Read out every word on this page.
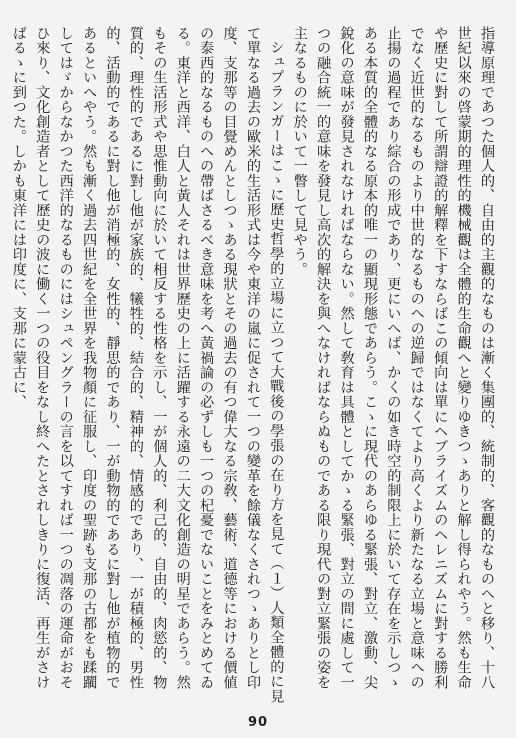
指導原理であつた個人的、自由的主觀的なものは漸く集團的、統制的、客觀的なものへと移り、十八世紀以來の啓蒙期的理性的機械觀は全體的生命觀へと變りゆきつゝありと解し得られやう。然も生命や歷史に對して所謂辯證的解釋を下すならばこの傾向は單にヘブライズムのヘレニズムに對する勝利でなく近世的なるものより中世的なるものへの逆歸ではなくてより高くより新たなる立場と意味への止揚の過程であり綜合の形成であり、更にいへば、かくの如き時空的制限上に於いて存在を示しつゝある本質的全體的なる原本的唯一の顯現形態であらう。こゝに現代のあらゆる緊張、對立、激動、尖銳化の意味が發見されなければならない。然して敎育は具體としてかゝる緊張、對立の間に處して一つの融合統一的意味を發見し高次的解決を與へなければならぬものである限り現代の對立緊張の姿を主なるものに於いて一瞥して見やう。

シュプランガーはこゝに歷史哲學的立場に立つて大戰後の學張の在り方を見て（１）人類全體的に見て單なる過去の歐米的生活形式は今や東洋の嵐に促されて一つの變革を餘儀なくされつゝありとし印度、支那等の目覺めんとしつゝある現狀とその過去の有つ偉大なる宗敎、藝術、道德等における價値の泰西的なるものへの帶ばさるべき意味を考へ黃禍論の必ずしも一つの杞憂でないことをみとめてゐる。東洋と西洋、白人と黃人それは世界歷史の上に活躍する永遠の二大文化創造の明星であらう。然もその生活形式や思惟動向に於いて相反する性格を示し、一が個人的、利己的、自由的、肉慾的、物質的、理性的であるに對し他が家族的、犧牲的、結合的、精神的、情感的であり、一が積極的、男性的、活動的であるに對し他が消極的、女性的、靜思的であり、一が動物的であるに對し他が植物的であるといへやう。然も漸く過去四世紀を全世界を我物顏に征服し、印度の聖跡も支那の古都をも蹂躙してはゞからなかつた西洋的なるものにはシュペングラーの言を以てすれば一つの凋落の運命がおそひ來り、文化創造者として歷史の波に働く一つの役目をなし終へたとされしきりに復活、再生がさけばるゝに到つた。しかも東洋には印度に、支那に蒙古に、

90
